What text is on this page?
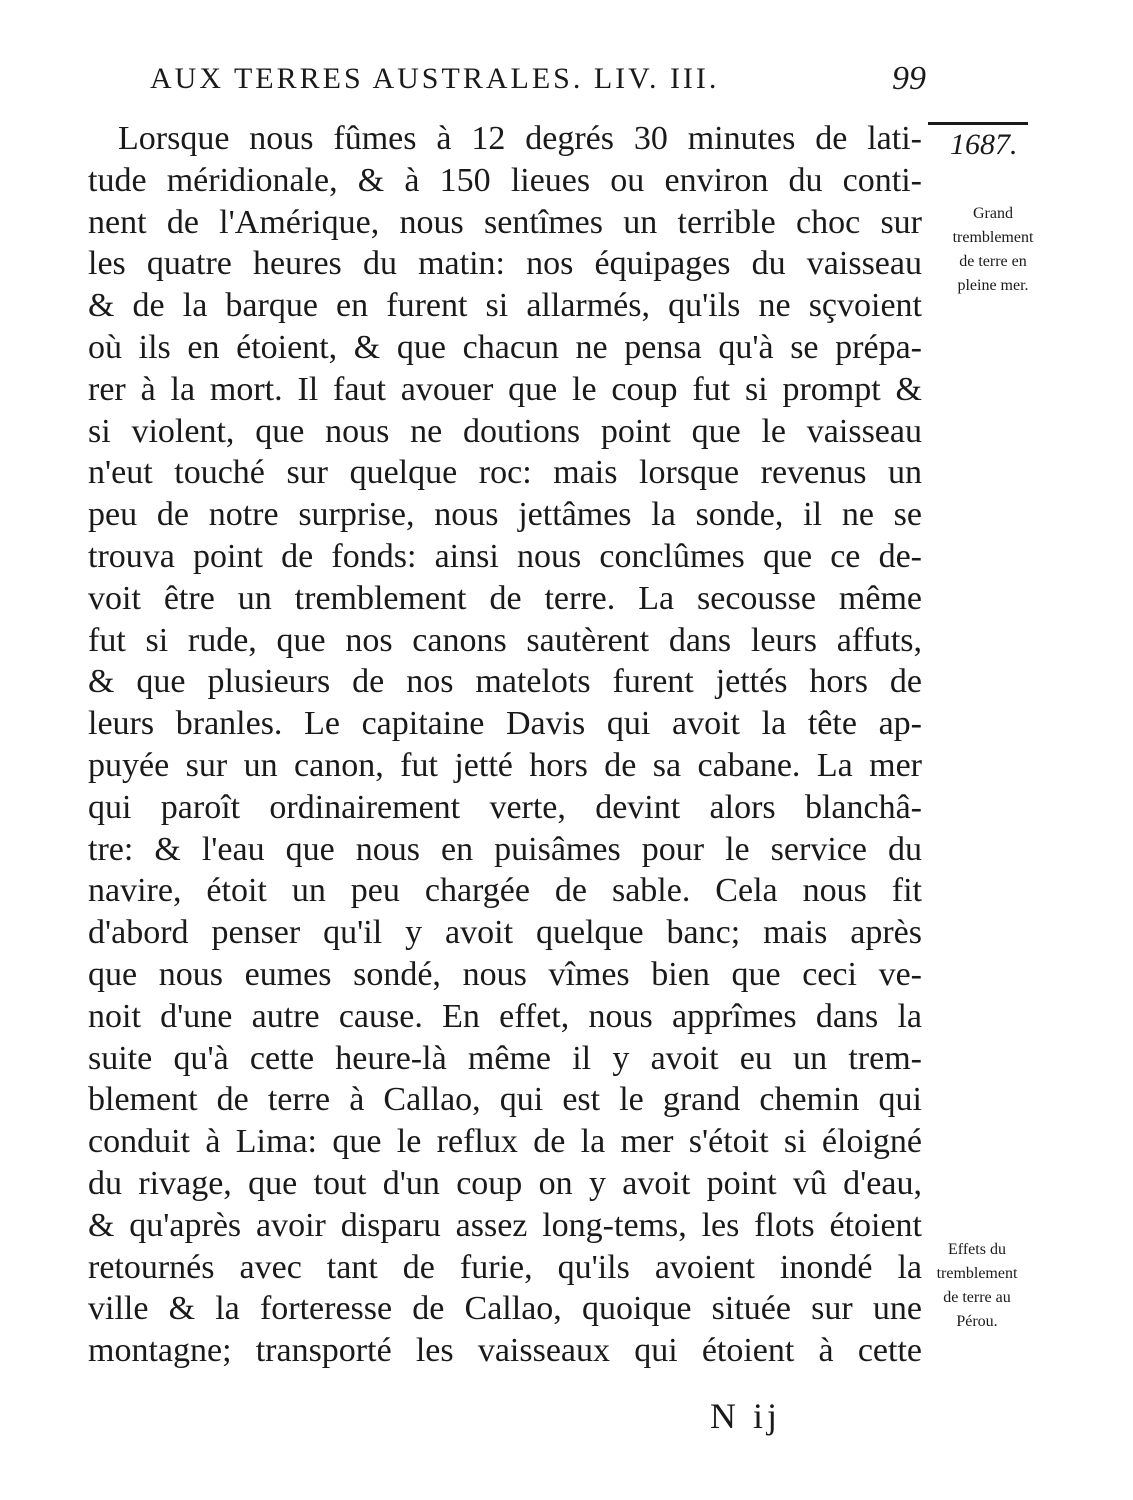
AUX TERRES AUSTRALES. LIV. III.	99
1687.
Grand
tremblement
de terre en
pleine mer.
Effets du
tremblement
de terre au
Pérou.
Lorsque nous fûmes à 12 degrés 30 minutes de lati-
tude méridionale, & à 150 lieues ou environ du conti-
nent de l'Amérique, nous sentîmes un terrible choc sur
les quatre heures du matin: nos équipages du vaisseau
& de la barque en furent si allarmés, qu'ils ne sçvoient
où ils en étoient, & que chacun ne pensa qu'à se prépa-
rer à la mort. Il faut avouer que le coup fut si prompt &
si violent, que nous ne doutions point que le vaisseau
n'eut touché sur quelque roc: mais lorsque revenus un
peu de notre surprise, nous jettâmes la sonde, il ne se
trouva point de fonds: ainsi nous conclûmes que ce de-
voit être un tremblement de terre. La secousse même
fut si rude, que nos canons sautèrent dans leurs affuts,
& que plusieurs de nos matelots furent jettés hors de
leurs branles. Le capitaine Davis qui avoit la tête ap-
puyée sur un canon, fut jetté hors de sa cabane. La mer
qui paroît ordinairement verte, devint alors blanchâ-
tre: & l'eau que nous en puisâmes pour le service du
navire, étoit un peu chargée de sable. Cela nous fit
d'abord penser qu'il y avoit quelque banc; mais après
que nous eumes sondé, nous vîmes bien que ceci ve-
noit d'une autre cause. En effet, nous apprîmes dans la
suite qu'à cette heure-là même il y avoit eu un trem-
blement de terre à Callao, qui est le grand chemin qui
conduit à Lima: que le reflux de la mer s'étoit si éloigné
du rivage, que tout d'un coup on y avoit point vû d'eau,
& qu'après avoir disparu assez long-tems, les flots étoient
retournés avec tant de furie, qu'ils avoient inondé la
ville & la forteresse de Callao, quoique située sur une
montagne; transporté les vaisseaux qui étoient à cette
N ij
